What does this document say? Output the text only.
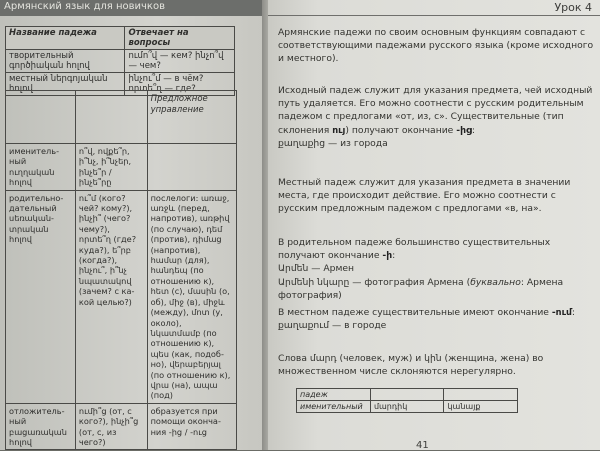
Армянский язык для новичков	Урок 4
Название падежа	Отвечает на вопросы
творительный գործիական հոլով	ումո՞վ — кем? ինչո՞վ — чем?
местный ներգոյական հոլով	ինչու՞մ — в чём? որտե՞ղ — где?
		Предложное управление
именительный ուղղական հոլով	ո՞վ, ովքե՞ր, ի՞նչ, ի՞նչեր, ինչե՞ր / ինչե՞րը	
родительно-дательный սեռական-տրական հոլով	ու՞մ (кого? чей? кому?), ինչի՞ (чего? чему?), որտե՞ղ (где? куда?), ե՞րբ (когда?), ինչու՞, ի՞նչ նպատակով (зачем? с какой целью?)	послелоги: առաջ, առջև (перед, напротив), առթիվ (по случаю), դեմ (против), դիմաց (напротив), համար (для), հանդեպ (по отношению к), հետ (с), մասին (о, об), միջ (в), միջև (между), մոտ (у, около), նկատմամբ (по отношению к), պես (как, подобно), վերաբերյալ (по отношению к), վրա (на), ապա (под)
отложительный բացառական հոլով	ումի՞ց (от, с кого?), ինչի՞ց (от, с, из чего?)	образуется при помощи окончания -ից / -ուց

Армянские падежи по своим основным функциям совпадают с соответствующими падежами русского языка (кроме исходного и местного).

Исходный падеж служит для указания предмета, чей исходный путь удаляется. Его можно соотнести с русским родительным падежом с предлогами «от, из, с». Существительные (тип склонения ույ) получают окончание -ից:
քաղաքից — из города

Местный падеж служит для указания предмета в значении места, где происходит действие. Его можно соотнести с русским предложным падежом с предлогами «в, на».

В родительном падеже большинство существительных получают окончание -ի:
Արմեն — Армен
Արմենի նկարը — фотография Армена (буквально: Армена фотография)

В местном падеже существительные имеют окончание -ում:
քաղաքում — в городе

Слова մարդ (человек, муж) и կին (женщина, жена) во множественном числе склоняются нерегулярно.

падеж		
именительный	մարդիկ	կանայք
41
